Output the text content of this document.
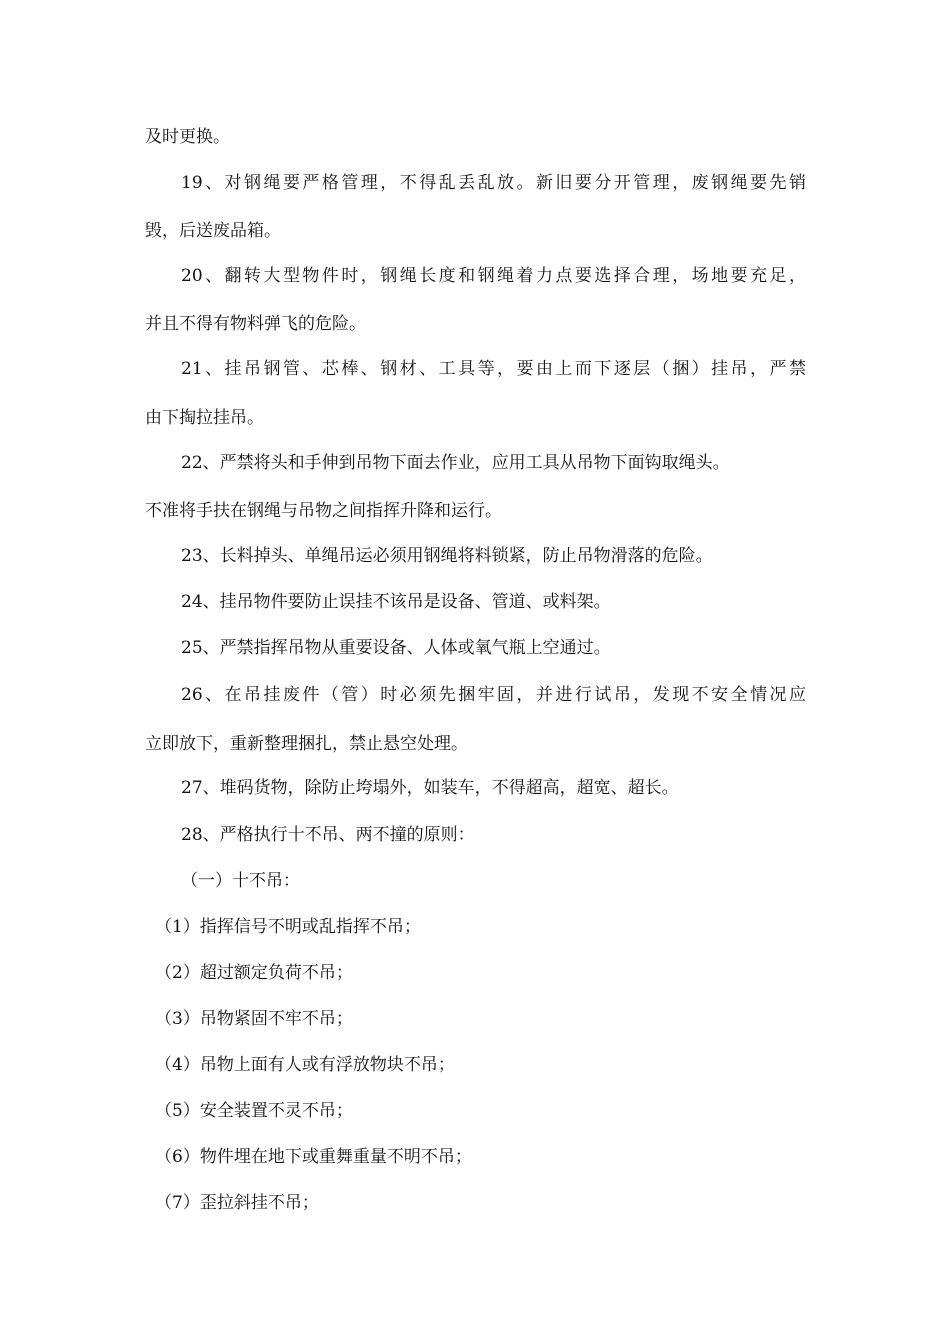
及时更换。
19、对钢绳要严格管理，不得乱丢乱放。新旧要分开管理，废钢绳要先销
毁，后送废品箱。
20、翻转大型物件时，钢绳长度和钢绳着力点要选择合理，场地要充足，
并且不得有物料弹飞的危险。
21、挂吊钢管、芯棒、钢材、工具等，要由上而下逐层（捆）挂吊，严禁
由下掏拉挂吊。
22、严禁将头和手伸到吊物下面去作业，应用工具从吊物下面钩取绳头。
不准将手扶在钢绳与吊物之间指挥升降和运行。
23、长料掉头、单绳吊运必须用钢绳将料锁紧，防止吊物滑落的危险。
24、挂吊物件要防止误挂不该吊是设备、管道、或料架。
25、严禁指挥吊物从重要设备、人体或氧气瓶上空通过。
26、在吊挂废件（管）时必须先捆牢固，并进行试吊，发现不安全情况应
立即放下，重新整理捆扎，禁止悬空处理。
27、堆码货物，除防止垮塌外，如装车，不得超高，超宽、超长。
28、严格执行十不吊、两不撞的原则：
（一）十不吊：
（1）指挥信号不明或乱指挥不吊；
（2）超过额定负荷不吊；
（3）吊物紧固不牢不吊；
（4）吊物上面有人或有浮放物块不吊；
（5）安全装置不灵不吊；
（6）物件埋在地下或重舞重量不明不吊；
（7）歪拉斜挂不吊；
